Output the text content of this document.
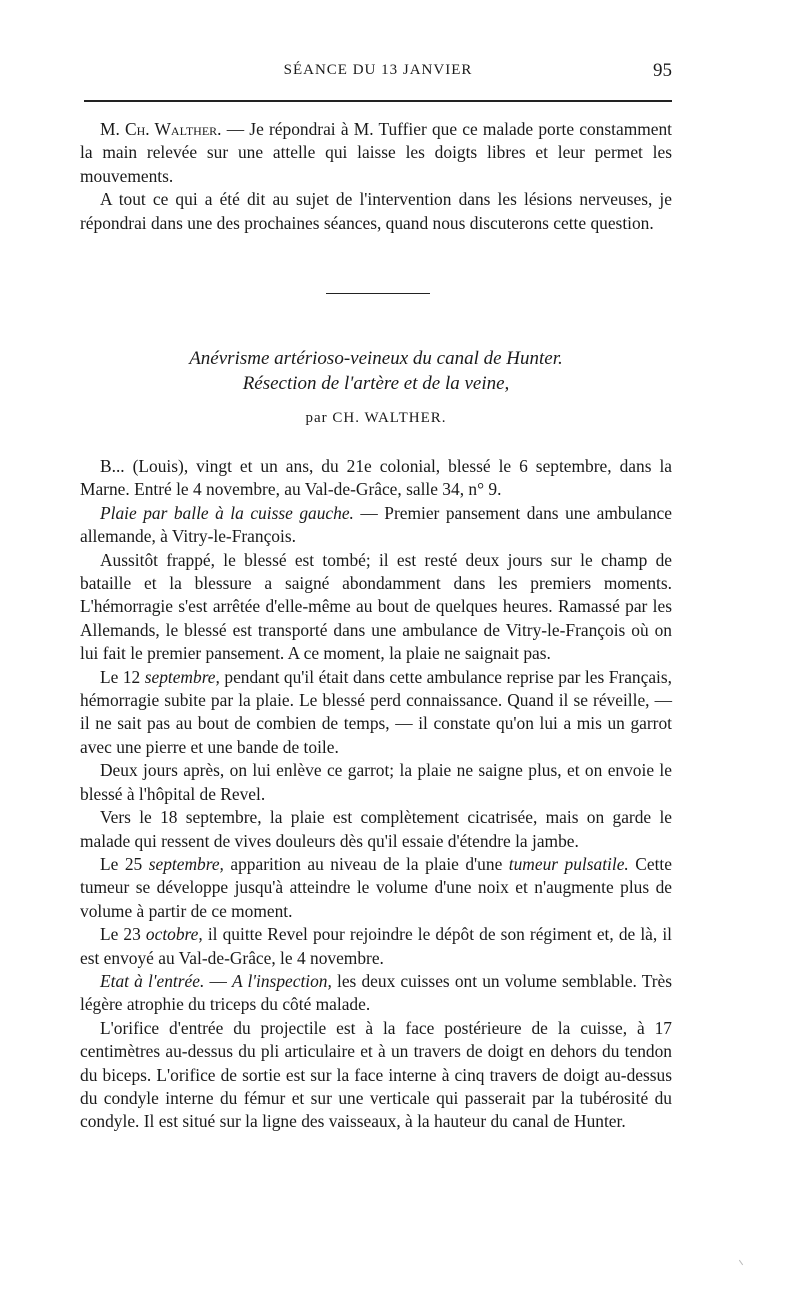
SÉANCE DU 13 JANVIER	95

M. Ch. Walther. — Je répondrai à M. Tuffier que ce malade porte constamment la main relevée sur une attelle qui laisse les doigts libres et leur permet les mouvements.

A tout ce qui a été dit au sujet de l'intervention dans les lésions nerveuses, je répondrai dans une des prochaines séances, quand nous discuterons cette question.

Anévrisme artérioso-veineux du canal de Hunter.
Résection de l'artère et de la veine,
par CH. WALTHER.

B... (Louis), vingt et un ans, du 21e colonial, blessé le 6 septembre, dans la Marne. Entré le 4 novembre, au Val-de-Grâce, salle 34, n° 9.

Plaie par balle à la cuisse gauche. — Premier pansement dans une ambulance allemande, à Vitry-le-François.

Aussitôt frappé, le blessé est tombé; il est resté deux jours sur le champ de bataille et la blessure a saigné abondamment dans les premiers moments. L'hémorragie s'est arrêtée d'elle-même au bout de quelques heures. Ramassé par les Allemands, le blessé est transporté dans une ambulance de Vitry-le-François où on lui fait le premier pansement. A ce moment, la plaie ne saignait pas.

Le 12 septembre, pendant qu'il était dans cette ambulance reprise par les Français, hémorragie subite par la plaie. Le blessé perd connaissance. Quand il se réveille, — il ne sait pas au bout de combien de temps, — il constate qu'on lui a mis un garrot avec une pierre et une bande de toile.

Deux jours après, on lui enlève ce garrot; la plaie ne saigne plus, et on envoie le blessé à l'hôpital de Revel.

Vers le 18 septembre, la plaie est complètement cicatrisée, mais on garde le malade qui ressent de vives douleurs dès qu'il essaie d'étendre la jambe.

Le 25 septembre, apparition au niveau de la plaie d'une tumeur pulsatile. Cette tumeur se développe jusqu'à atteindre le volume d'une noix et n'augmente plus de volume à partir de ce moment.

Le 23 octobre, il quitte Revel pour rejoindre le dépôt de son régiment et, de là, il est envoyé au Val-de-Grâce, le 4 novembre.

Etat à l'entrée. — A l'inspection, les deux cuisses ont un volume semblable. Très légère atrophie du triceps du côté malade.

L'orifice d'entrée du projectile est à la face postérieure de la cuisse, à 17 centimètres au-dessus du pli articulaire et à un travers de doigt en dehors du tendon du biceps. L'orifice de sortie est sur la face interne à cinq travers de doigt au-dessus du condyle interne du fémur et sur une verticale qui passerait par la tubérosité du condyle. Il est situé sur la ligne des vaisseaux, à la hauteur du canal de Hunter.
